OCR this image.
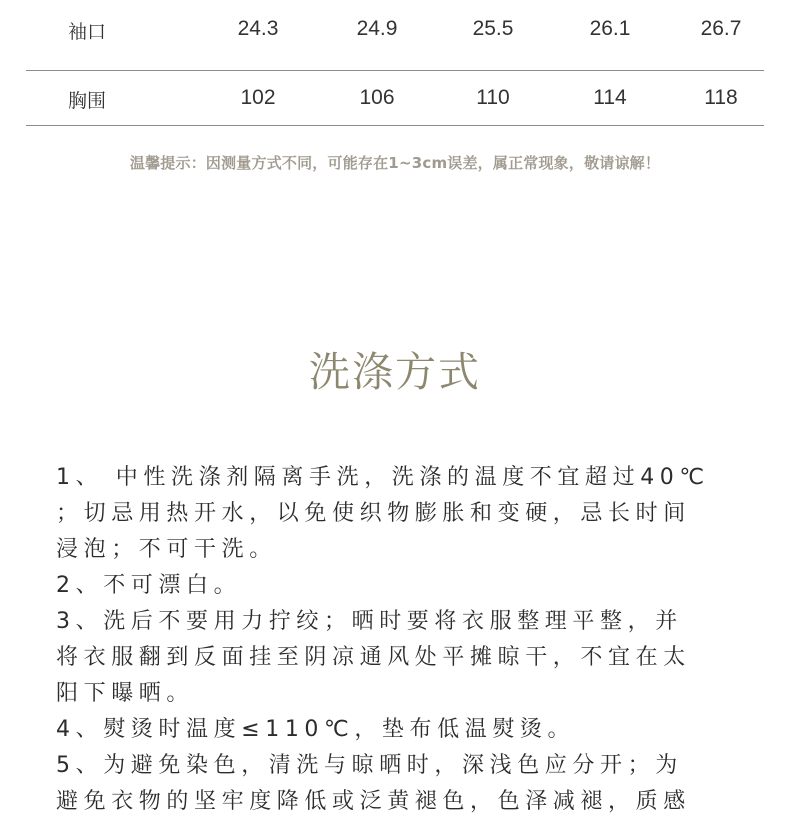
袖口	24.3	24.9	25.5	26.1	26.7
胸围	102	106	110	114	118
温馨提示：因测量方式不同，可能存在1~3cm误差，属正常现象，敬请谅解！
洗涤方式
1、 中性洗涤剂隔离手洗，洗涤的温度不宜超过40℃
；切忌用热开水，以免使织物膨胀和变硬，忌长时间
浸泡；不可干洗。
2、不可漂白。
3、洗后不要用力拧绞；晒时要将衣服整理平整，并
将衣服翻到反面挂至阴凉通风处平摊晾干，不宜在太
阳下曝晒。
4、熨烫时温度≤110℃，垫布低温熨烫。
5、为避免染色，清洗与晾晒时，深浅色应分开；为
避免衣物的坚牢度降低或泛黄褪色，色泽减褪，质感
